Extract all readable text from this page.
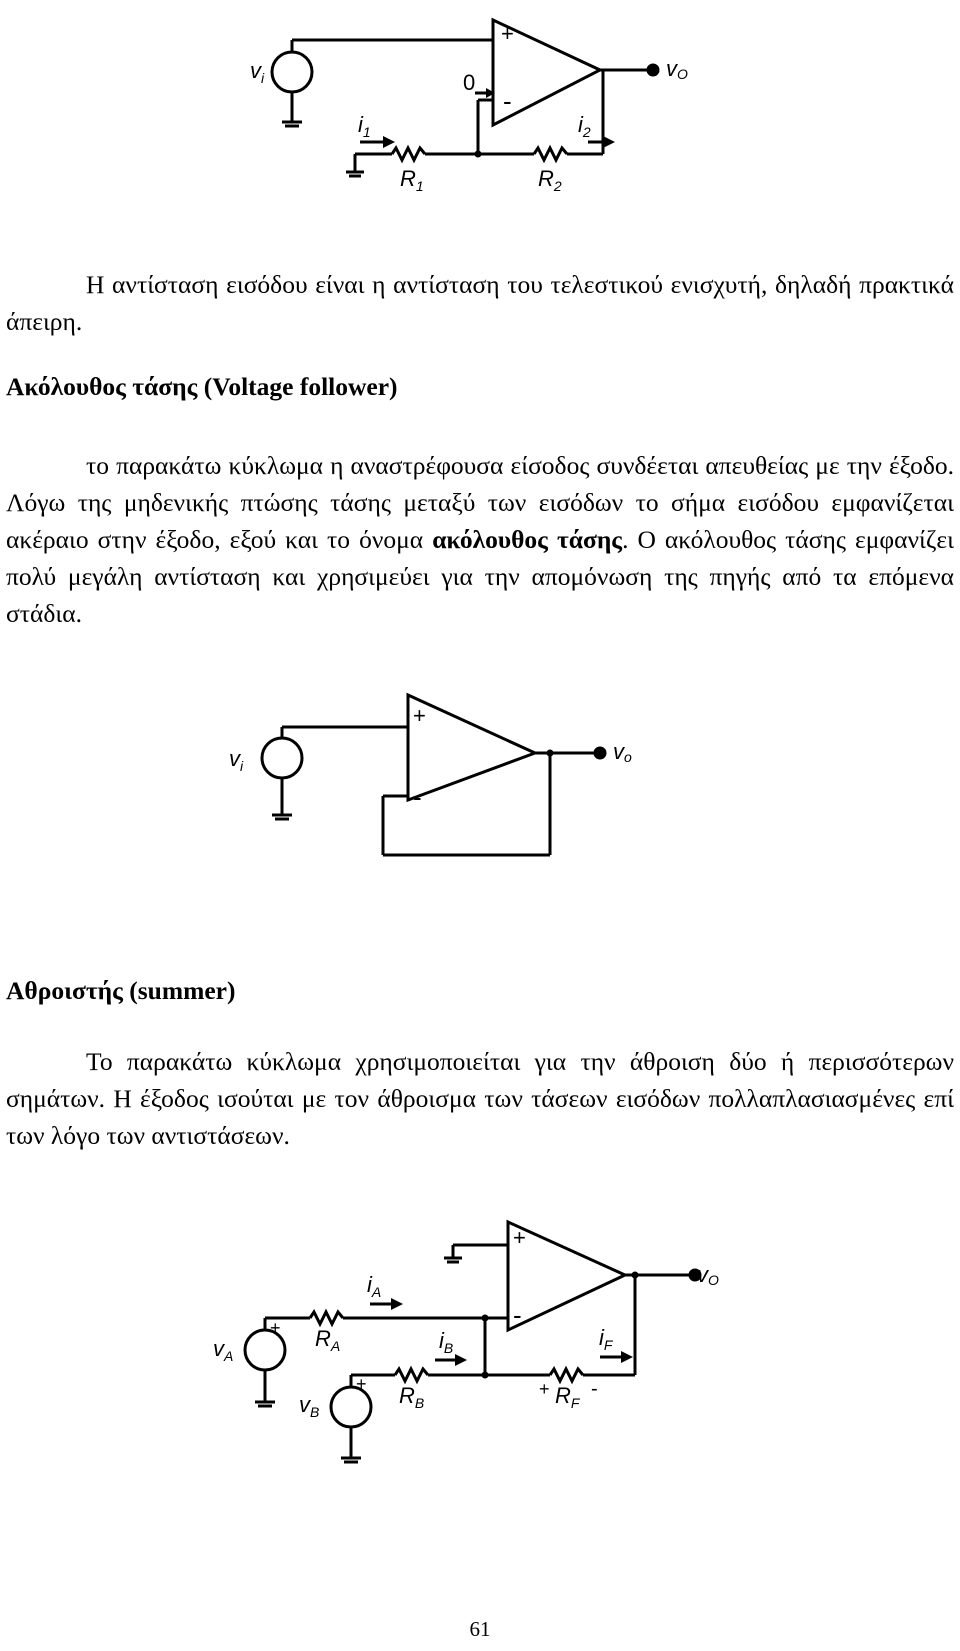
+
-
$v_i$	vO
0
$i_1$	$i_2$
$R_1$	$R_2$

Η αντίσταση εισόδου είναι η αντίσταση του τελεστικού ενισχυτή, δηλαδή πρακτικά άπειρη.

Ακόλουθος τάσης (Voltage follower)

το παρακάτω κύκλωμα η αναστρέφουσα είσοδος συνδέεται απευθείας με την έξοδο. Λόγω της μηδενικής πτώσης τάσης μεταξύ των εισόδων το σήμα εισόδου εμφανίζεται ακέραιο στην έξοδο, εξού και το όνομα ακόλουθος τάσης. Ο ακόλουθος τάσης εμφανίζει πολύ μεγάλη αντίσταση και χρησιμεύει για την απομόνωση της πηγής από τα επόμενα στάδια.

+
-
$v_i$
vo
Αθροιστής (summer)

Το παρακάτω κύκλωμα χρησιμοποιείται για την άθροιση δύο ή περισσότερων σημάτων. Η έξοδος ισούται με τον άθροισμα των τάσεων εισόδων πολλαπλασιασμένες επί των λόγο των αντιστάσεων.

+
-
+
+	+ -
vO
$v_A$
$v_B$
$i_A$
$i_B$	$i_F$
$R_A$
$R_B$	$R_F$
61
